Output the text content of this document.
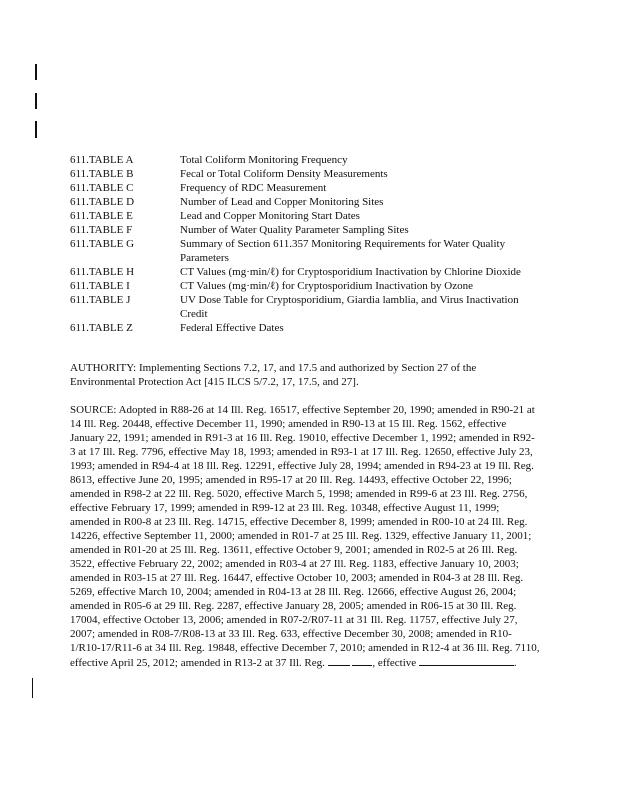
611.TABLE A	Total Coliform Monitoring Frequency
611.TABLE B	Fecal or Total Coliform Density Measurements
611.TABLE C	Frequency of RDC Measurement
611.TABLE D	Number of Lead and Copper Monitoring Sites
611.TABLE E	Lead and Copper Monitoring Start Dates
611.TABLE F	Number of Water Quality Parameter Sampling Sites
611.TABLE G	Summary of Section 611.357 Monitoring Requirements for Water Quality Parameters
611.TABLE H	CT Values (mg·min/ℓ) for Cryptosporidium Inactivation by Chlorine Dioxide
611.TABLE I	CT Values (mg·min/ℓ) for Cryptosporidium Inactivation by Ozone
611.TABLE J	UV Dose Table for Cryptosporidium, Giardia lamblia, and Virus Inactivation Credit
611.TABLE Z	Federal Effective Dates

AUTHORITY: Implementing Sections 7.2, 17, and 17.5 and authorized by Section 27 of the Environmental Protection Act [415 ILCS 5/7.2, 17, 17.5, and 27].

SOURCE: Adopted in R88-26 at 14 Ill. Reg. 16517, effective September 20, 1990; amended in R90-21 at 14 Ill. Reg. 20448, effective December 11, 1990; amended in R90-13 at 15 Ill. Reg. 1562, effective January 22, 1991; amended in R91-3 at 16 Ill. Reg. 19010, effective December 1, 1992; amended in R92-3 at 17 Ill. Reg. 7796, effective May 18, 1993; amended in R93-1 at 17 Ill. Reg. 12650, effective July 23, 1993; amended in R94-4 at 18 Ill. Reg. 12291, effective July 28, 1994; amended in R94-23 at 19 Ill. Reg. 8613, effective June 20, 1995; amended in R95-17 at 20 Ill. Reg. 14493, effective October 22, 1996; amended in R98-2 at 22 Ill. Reg. 5020, effective March 5, 1998; amended in R99-6 at 23 Ill. Reg. 2756, effective February 17, 1999; amended in R99-12 at 23 Ill. Reg. 10348, effective August 11, 1999; amended in R00-8 at 23 Ill. Reg. 14715, effective December 8, 1999; amended in R00-10 at 24 Ill. Reg. 14226, effective September 11, 2000; amended in R01-7 at 25 Ill. Reg. 1329, effective January 11, 2001; amended in R01-20 at 25 Ill. Reg. 13611, effective October 9, 2001; amended in R02-5 at 26 Ill. Reg. 3522, effective February 22, 2002; amended in R03-4 at 27 Ill. Reg. 1183, effective January 10, 2003; amended in R03-15 at 27 Ill. Reg. 16447, effective October 10, 2003; amended in R04-3 at 28 Ill. Reg. 5269, effective March 10, 2004; amended in R04-13 at 28 Ill. Reg. 12666, effective August 26, 2004; amended in R05-6 at 29 Ill. Reg. 2287, effective January 28, 2005; amended in R06-15 at 30 Ill. Reg. 17004, effective October 13, 2006; amended in R07-2/R07-11 at 31 Ill. Reg. 11757, effective July 27, 2007; amended in R08-7/R08-13 at 33 Ill. Reg. 633, effective December 30, 2008; amended in R10-1/R10-17/R11-6 at 34 Ill. Reg. 19848, effective December 7, 2010; amended in R12-4 at 36 Ill. Reg. 7110, effective April 25, 2012; amended in R13-2 at 37 Ill. Reg.	, effective	.
